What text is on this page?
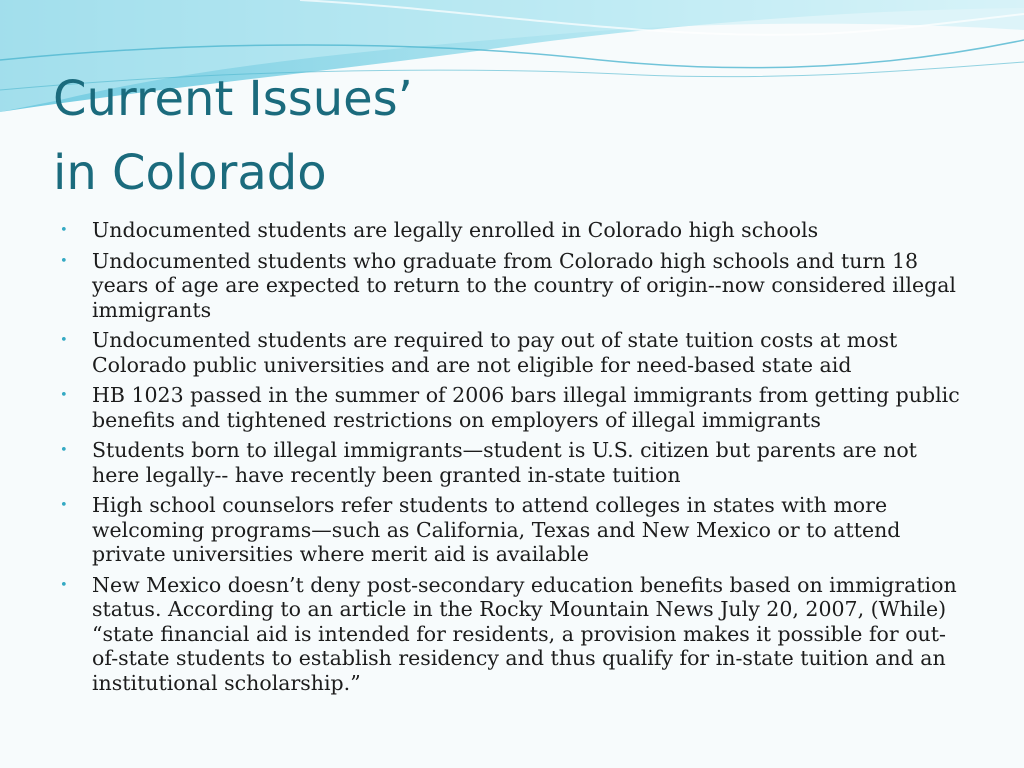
Current Issues’
in Colorado
• Undocumented students are legally enrolled in Colorado high schools
• Undocumented students who graduate from Colorado high schools and turn 18 years of age are expected to return to the country of origin--now considered illegal immigrants
• Undocumented students are required to pay out of state tuition costs at most Colorado public universities and are not eligible for need-based state aid
• HB 1023 passed in the summer of 2006 bars illegal immigrants from getting public benefits and tightened restrictions on employers of illegal immigrants
• Students born to illegal immigrants—student is U.S. citizen but parents are not here legally-- have recently been granted in-state tuition
• High school counselors refer students to attend colleges in states with more welcoming programs—such as California, Texas and New Mexico or to attend private universities where merit aid is available
• New Mexico doesn’t deny post-secondary education benefits based on immigration status. According to an article in the Rocky Mountain News July 20, 2007, (While) “state financial aid is intended for residents, a provision makes it possible for out-of-state students to establish residency and thus qualify for in-state tuition and an institutional scholarship.”
